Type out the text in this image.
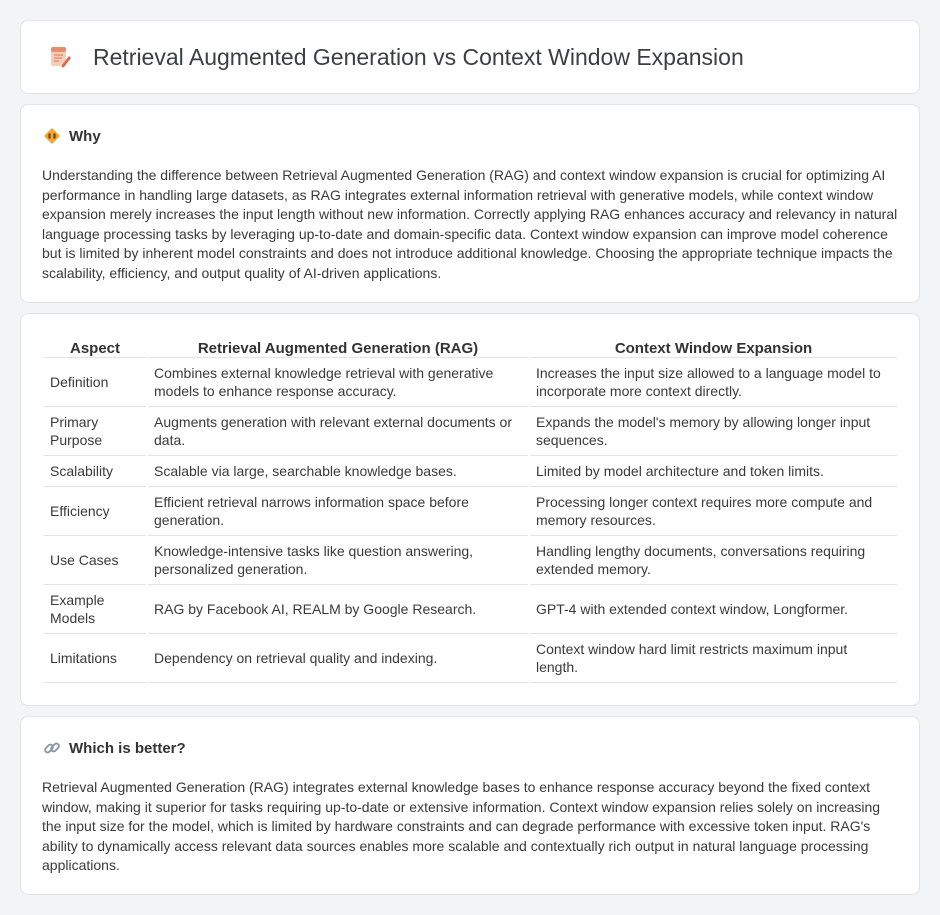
Retrieval Augmented Generation vs Context Window Expansion
Why

Understanding the difference between Retrieval Augmented Generation (RAG) and context window expansion is crucial for optimizing AI performance in handling large datasets, as RAG integrates external information retrieval with generative models, while context window expansion merely increases the input length without new information. Correctly applying RAG enhances accuracy and relevancy in natural language processing tasks by leveraging up-to-date and domain-specific data. Context window expansion can improve model coherence but is limited by inherent model constraints and does not introduce additional knowledge. Choosing the appropriate technique impacts the scalability, efficiency, and output quality of AI-driven applications.

Aspect	Retrieval Augmented Generation (RAG)	Context Window Expansion
Definition	Combines external knowledge retrieval with generative models to enhance response accuracy.	Increases the input size allowed to a language model to incorporate more context directly.
Primary Purpose	Augments generation with relevant external documents or data.	Expands the model's memory by allowing longer input sequences.
Scalability	Scalable via large, searchable knowledge bases.	Limited by model architecture and token limits.
Efficiency	Efficient retrieval narrows information space before generation.	Processing longer context requires more compute and memory resources.
Use Cases	Knowledge-intensive tasks like question answering, personalized generation.	Handling lengthy documents, conversations requiring extended memory.
Example Models	RAG by Facebook AI, REALM by Google Research.	GPT-4 with extended context window, Longformer.
Limitations	Dependency on retrieval quality and indexing.	Context window hard limit restricts maximum input length.
Which is better?

Retrieval Augmented Generation (RAG) integrates external knowledge bases to enhance response accuracy beyond the fixed context window, making it superior for tasks requiring up-to-date or extensive information. Context window expansion relies solely on increasing the input size for the model, which is limited by hardware constraints and can degrade performance with excessive token input. RAG's ability to dynamically access relevant data sources enables more scalable and contextually rich output in natural language processing applications.
